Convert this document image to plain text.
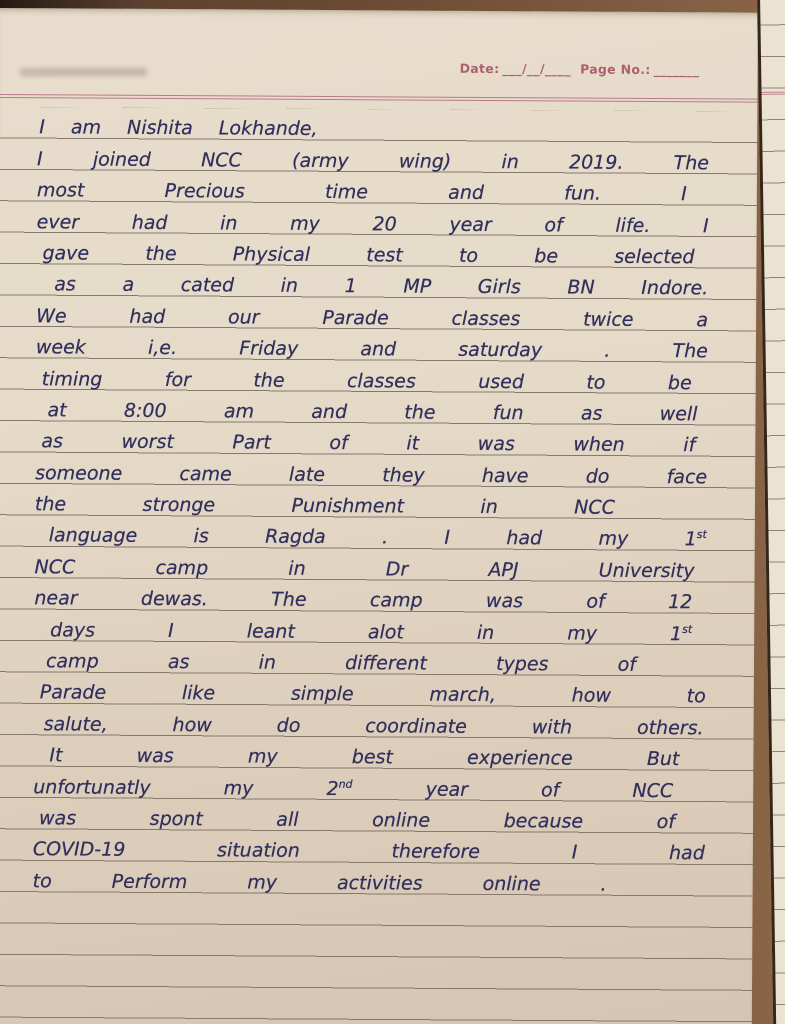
Date: ___/__/____ Page No.: _______
I am Nishita Lokhande,
I	joined	NCC	(army	wing)	in	2019.	The
most	Precious	time	and	fun.	I
ever	had	in	my	20	year	of	life.	I
gave	the	Physical	test	to	be	selected
as a cated in 1 MP Girls BN Indore.
We	had	our	Parade	classes	twice	a
week	i,e.	Friday	and	saturday	.	The
timing	for	the	classes	used	to	be
at	8:00	am	and	the	fun	as	well
as	worst	Part	of	it	was	when	if
someone	came	late	they	have	do	face
the	stronge	Punishment	in	NCC
language	is	Ragda	.	I	had	my	1st
NCC	camp	in	Dr	APJ	University
near	dewas.	The	camp	was	of	12
days	I	leant	alot	in	my	1st
camp	as	in	different	types	of
Parade	like	simple	march,	how	to
salute,	how	do	coordinate	with	others.
It	was	my	best	experience	But
unfortunatly	my	2nd	year	of	NCC
was	spont	all	online	because	of
COVID-19	situation	therefore	I	had
to	Perform	my	activities	online	.
